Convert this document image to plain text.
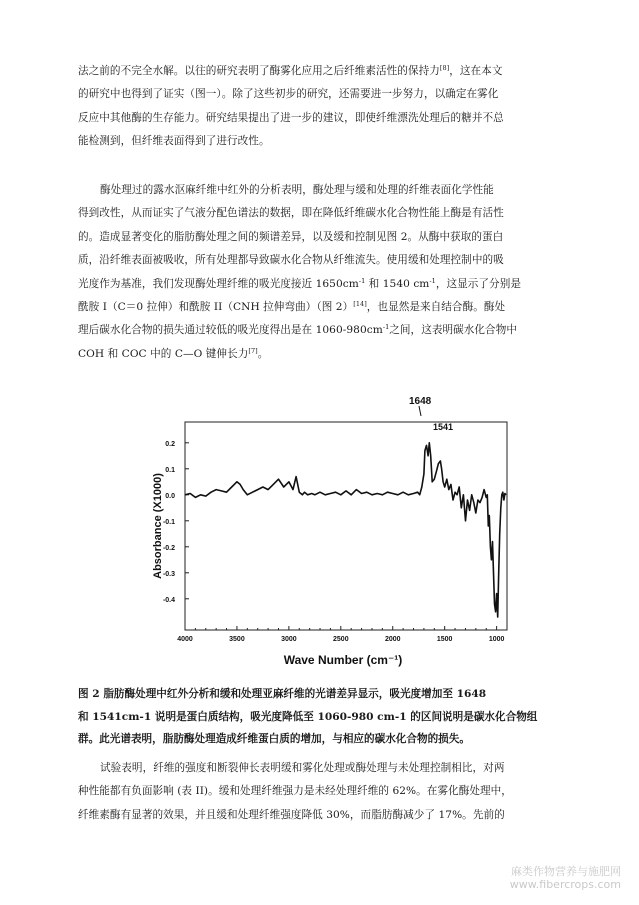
法之前的不完全水解。以往的研究表明了酶雾化应用之后纤维素活性的保持力[8]，这在本文
的研究中也得到了证实（图一）。除了这些初步的研究，还需要进一步努力，以确定在雾化
反应中其他酶的生存能力。研究结果提出了进一步的建议，即使纤维漂洗处理后的糖并不总
能检测到，但纤维表面得到了进行改性。

酶处理过的露水沤麻纤维中红外的分析表明，酶处理与缓和处理的纤维表面化学性能
得到改性，从而证实了气液分配色谱法的数据，即在降低纤维碳水化合物性能上酶是有活性
的。造成显著变化的脂肪酶处理之间的频谱差异，以及缓和控制见图 2。从酶中获取的蛋白
质，沿纤维表面被吸收，所有处理都导致碳水化合物从纤维流失。使用缓和处理控制中的吸
光度作为基准，我们发现酶处理纤维的吸光度接近 $1650cm^{-1}$ 和 1540 $cm^{-1}$，这显示了分别是
酰胺 I（C＝0 拉伸）和酰胺 II（CNH 拉伸弯曲）（图 2）[14]，也显然是来自结合酶。酶处
理后碳水化合物的损失通过较低的吸光度得出是在 $1060-980cm^{-1}$之间，这表明碳水化合物中
COH 和 COC 中的 C—O 键伸长力[7]。

0.2
0.1
0.0
-0.1
-0.2
-0.3
-0.4
4000	3500	3000	2500	2000	1500	1000
1648
1541
Wave Number (cm⁻¹)
Absorbance (X1000)

图 2 脂肪酶处理中红外分析和缓和处理亚麻纤维的光谱差异显示，吸光度增加至 1648
和 1541cm-1 说明是蛋白质结构，吸光度降低至 1060-980 cm-1 的区间说明是碳水化合物组
群。此光谱表明，脂肪酶处理造成纤维蛋白质的增加，与相应的碳水化合物的损失。

试验表明，纤维的强度和断裂伸长表明缓和雾化处理或酶处理与未处理控制相比，对两
种性能都有负面影响 (表 II)。缓和处理纤维强力是未经处理纤维的 62%。在雾化酶处理中，
纤维素酶有显著的效果，并且缓和处理纤维强度降低 30%，而脂肪酶减少了 17%。先前的

麻类作物营养与施肥网
www.fibercrops.com
